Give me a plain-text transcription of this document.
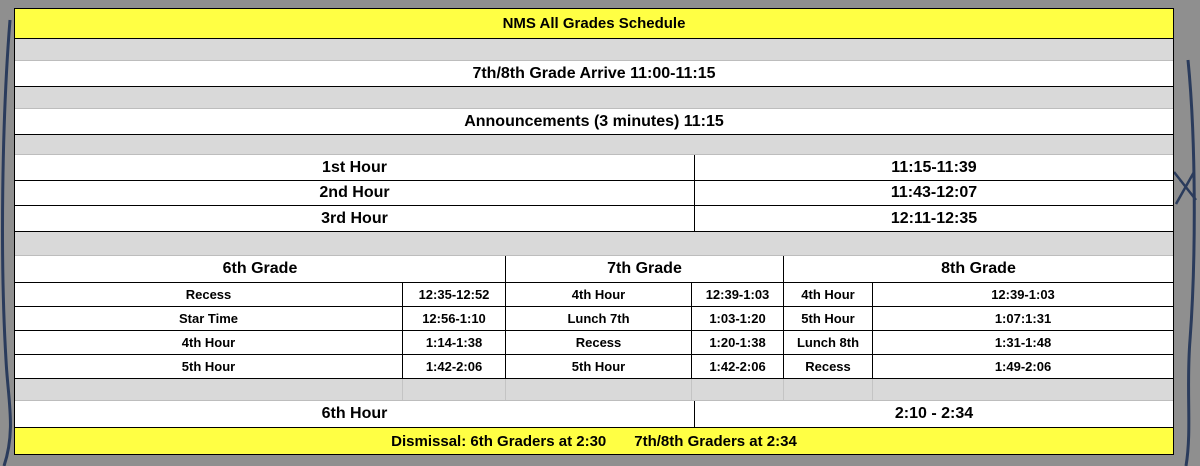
NMS All Grades Schedule
7th/8th Grade Arrive 11:00-11:15
Announcements (3 minutes) 11:15
1st Hour	11:15-11:39
2nd Hour	11:43-12:07
3rd Hour	12:11-12:35
6th Grade	7th Grade	8th Grade
Recess	12:35-12:52	4th Hour	12:39-1:03	4th Hour	12:39-1:03
Star Time	12:56-1:10	Lunch 7th	1:03-1:20	5th Hour	1:07:1:31
4th Hour	1:14-1:38	Recess	1:20-1:38	Lunch 8th	1:31-1:48
5th Hour	1:42-2:06	5th Hour	1:42-2:06	Recess	1:49-2:06
6th Hour	2:10 - 2:34
Dismissal: 6th Graders at 2:30 7th/8th Graders at 2:34
